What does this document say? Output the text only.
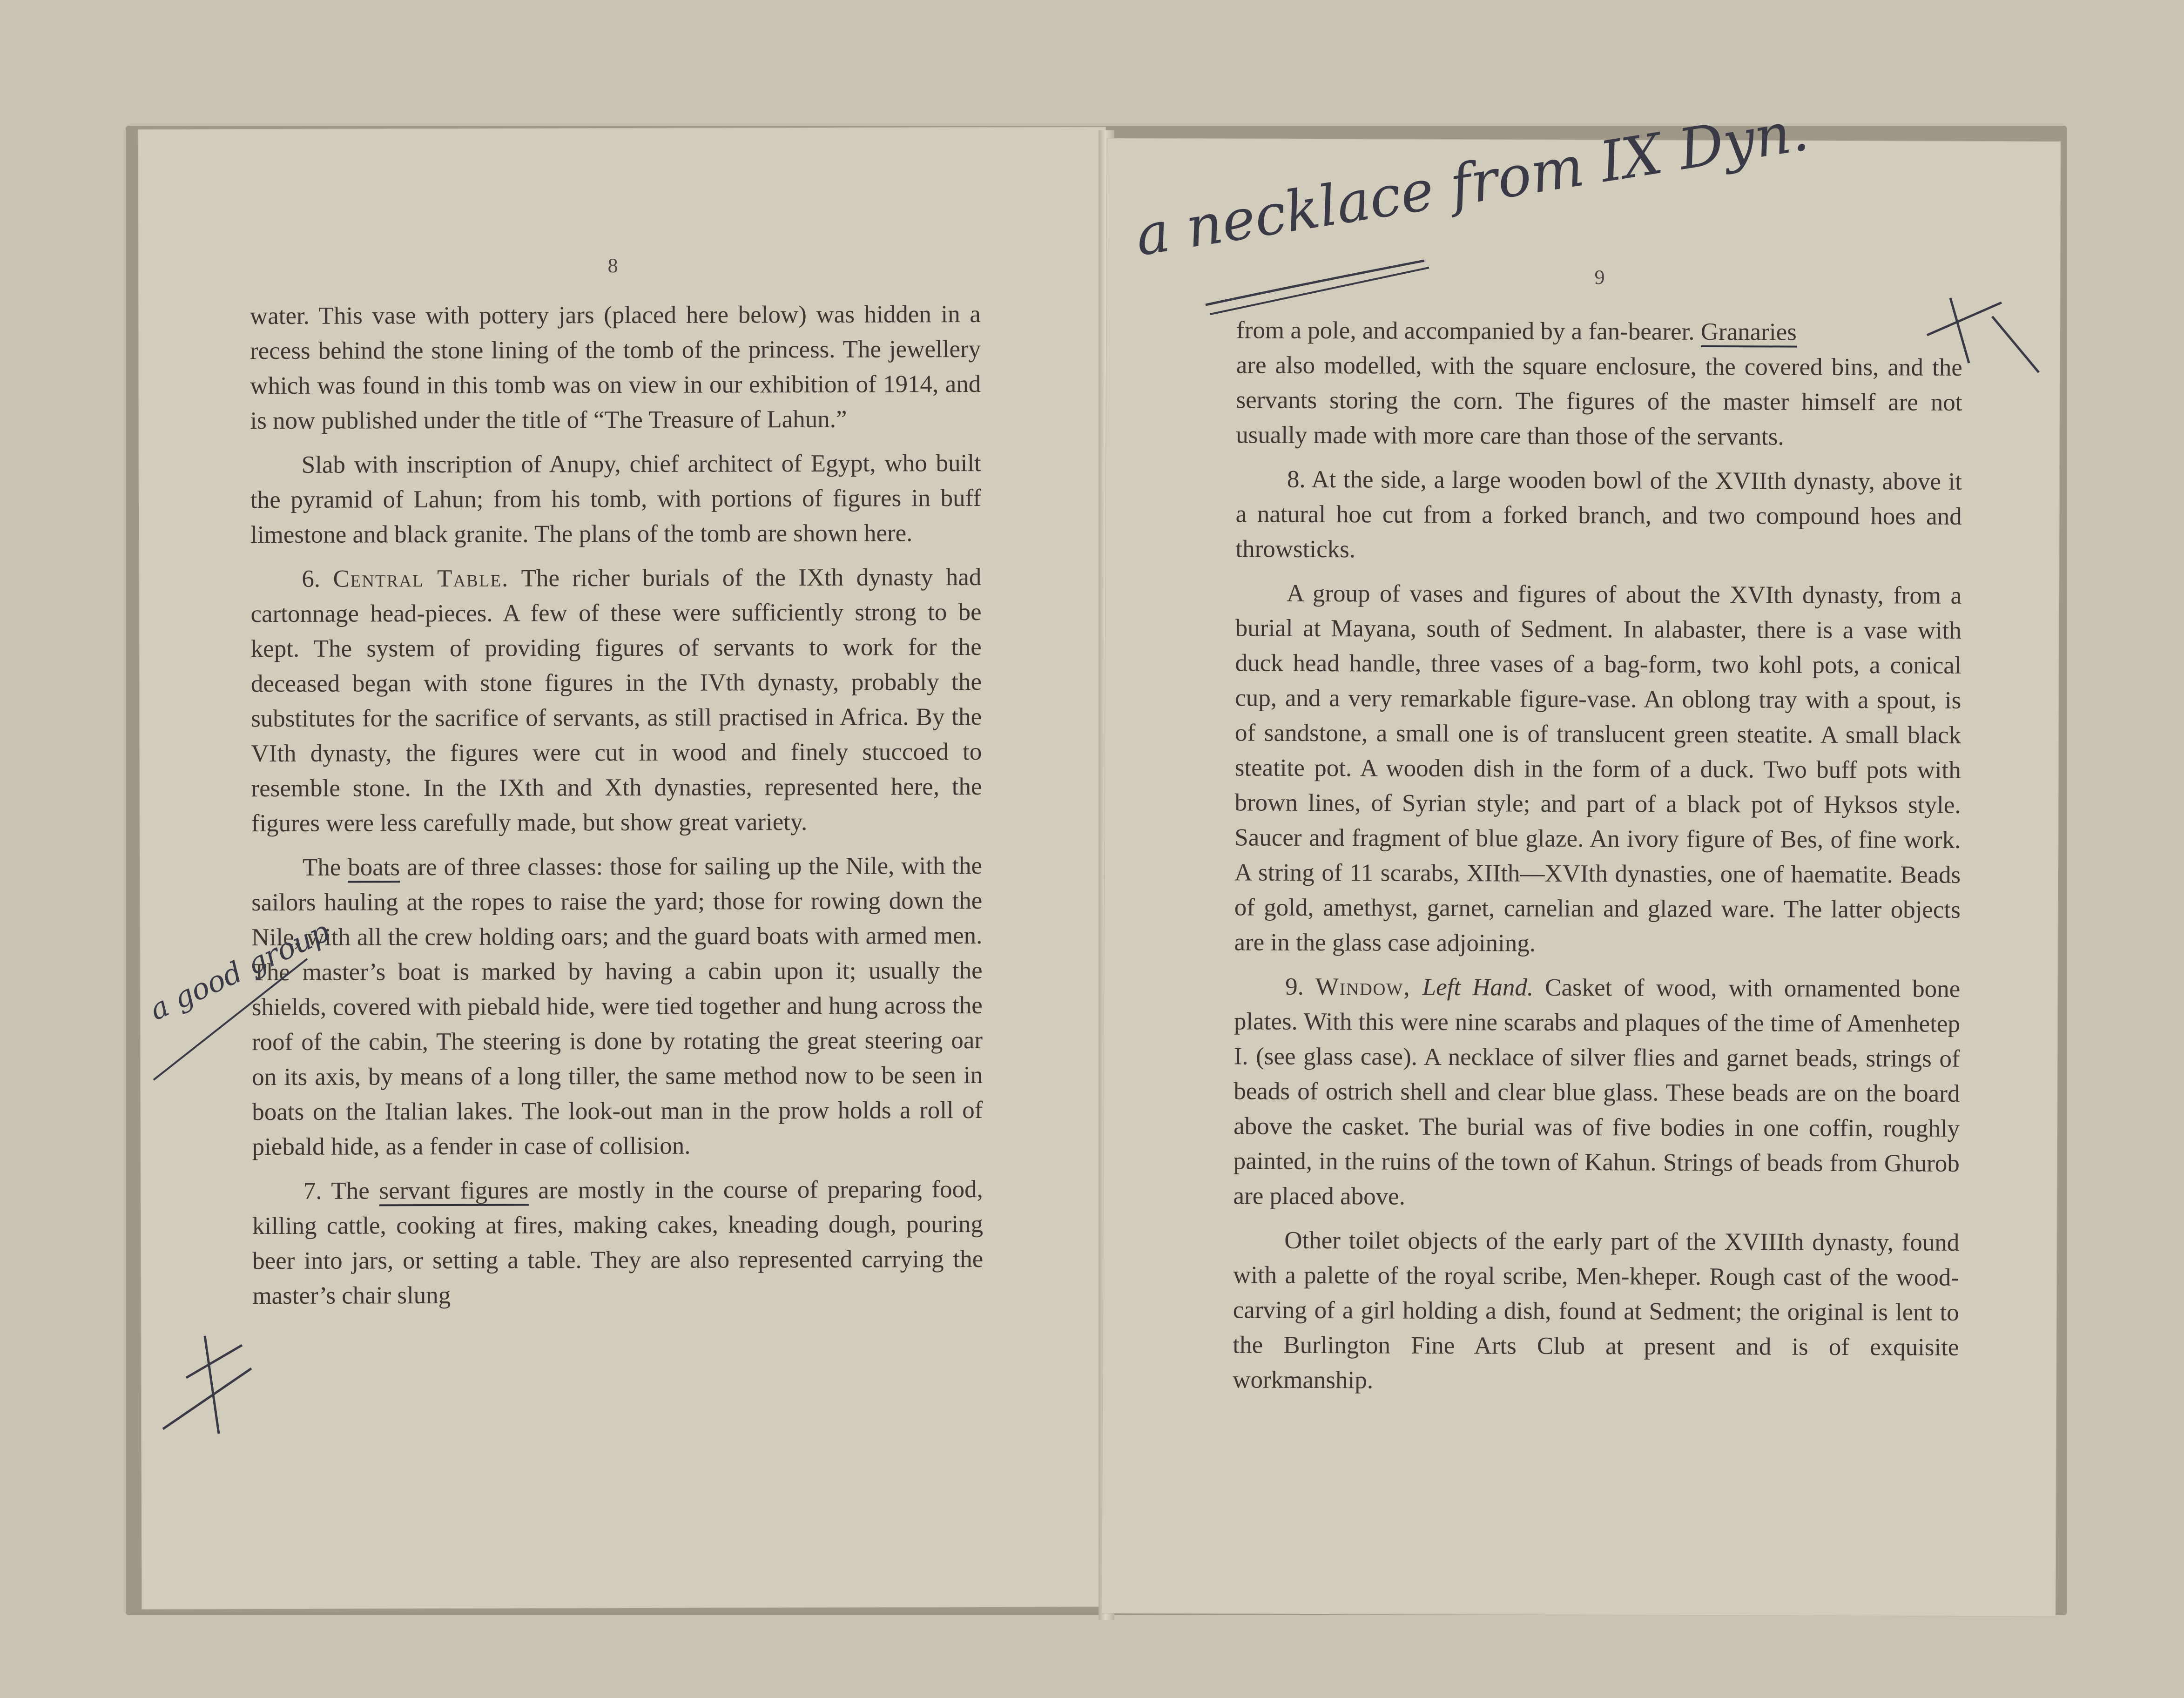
8

water. This vase with pottery jars (placed here below) was hidden in a recess behind the stone lining of the tomb of the princess. The jewellery which was found in this tomb was on view in our exhibition of 1914, and is now published under the title of “The Treasure of Lahun.”

Slab with inscription of Anupy, chief architect of Egypt, who built the pyramid of Lahun; from his tomb, with portions of figures in buff limestone and black granite. The plans of the tomb are shown here.

6. Central Table. The richer burials of the IXth dynasty had cartonnage head-pieces. A few of these were sufficiently strong to be kept. The system of providing figures of servants to work for the deceased began with stone figures in the IVth dynasty, probably the substitutes for the sacrifice of servants, as still practised in Africa. By the VIth dynasty, the figures were cut in wood and finely stuccoed to resemble stone. In the IXth and Xth dynasties, represented here, the figures were less carefully made, but show great variety.

The boats are of three classes: those for sailing up the Nile, with the sailors hauling at the ropes to raise the yard; those for rowing down the Nile, with all the crew holding oars; and the guard boats with armed men. The master’s boat is marked by having a cabin upon it; usually the shields, covered with piebald hide, were tied together and hung across the roof of the cabin, The steering is done by rotating the great steering oar on its axis, by means of a long tiller, the same method now to be seen in boats on the Italian lakes. The look-out man in the prow holds a roll of piebald hide, as a fender in case of collision.

7. The servant figures are mostly in the course of preparing food, killing cattle, cooking at fires, making cakes, kneading dough, pouring beer into jars, or setting a table. They are also represented carrying the master’s chair slung

9

from a pole, and accompanied by a fan-bearer. Granaries

are also modelled, with the square enclosure, the covered bins, and the servants storing the corn. The figures of the master himself are not usually made with more care than those of the servants.

8. At the side, a large wooden bowl of the XVIIth dynasty, above it a natural hoe cut from a forked branch, and two compound hoes and throwsticks.

A group of vases and figures of about the XVIth dynasty, from a burial at Mayana, south of Sedment. In alabaster, there is a vase with duck head handle, three vases of a bag-form, two kohl pots, a conical cup, and a very remarkable figure-vase. An oblong tray with a spout, is of sandstone, a small one is of translucent green steatite. A small black steatite pot. A wooden dish in the form of a duck. Two buff pots with brown lines, of Syrian style; and part of a black pot of Hyksos style. Saucer and fragment of blue glaze. An ivory figure of Bes, of fine work. A string of 11 scarabs, XIIth—XVIth dynasties, one of haematite. Beads of gold, amethyst, garnet, carnelian and glazed ware. The latter objects are in the glass case adjoining.

9. Window, Left Hand. Casket of wood, with ornamented bone plates. With this were nine scarabs and plaques of the time of Amenhetep I. (see glass case). A necklace of silver flies and garnet beads, strings of beads of ostrich shell and clear blue glass. These beads are on the board above the casket. The burial was of five bodies in one coffin, roughly painted, in the ruins of the town of Kahun. Strings of beads from Ghurob are placed above.

Other toilet objects of the early part of the XVIIIth dynasty, found with a palette of the royal scribe, Men-kheper. Rough cast of the wood-carving of a girl holding a dish, found at Sedment; the original is lent to the Burlington Fine Arts Club at present and is of exquisite workmanship.

a necklace from IX Dyn.
a good group
